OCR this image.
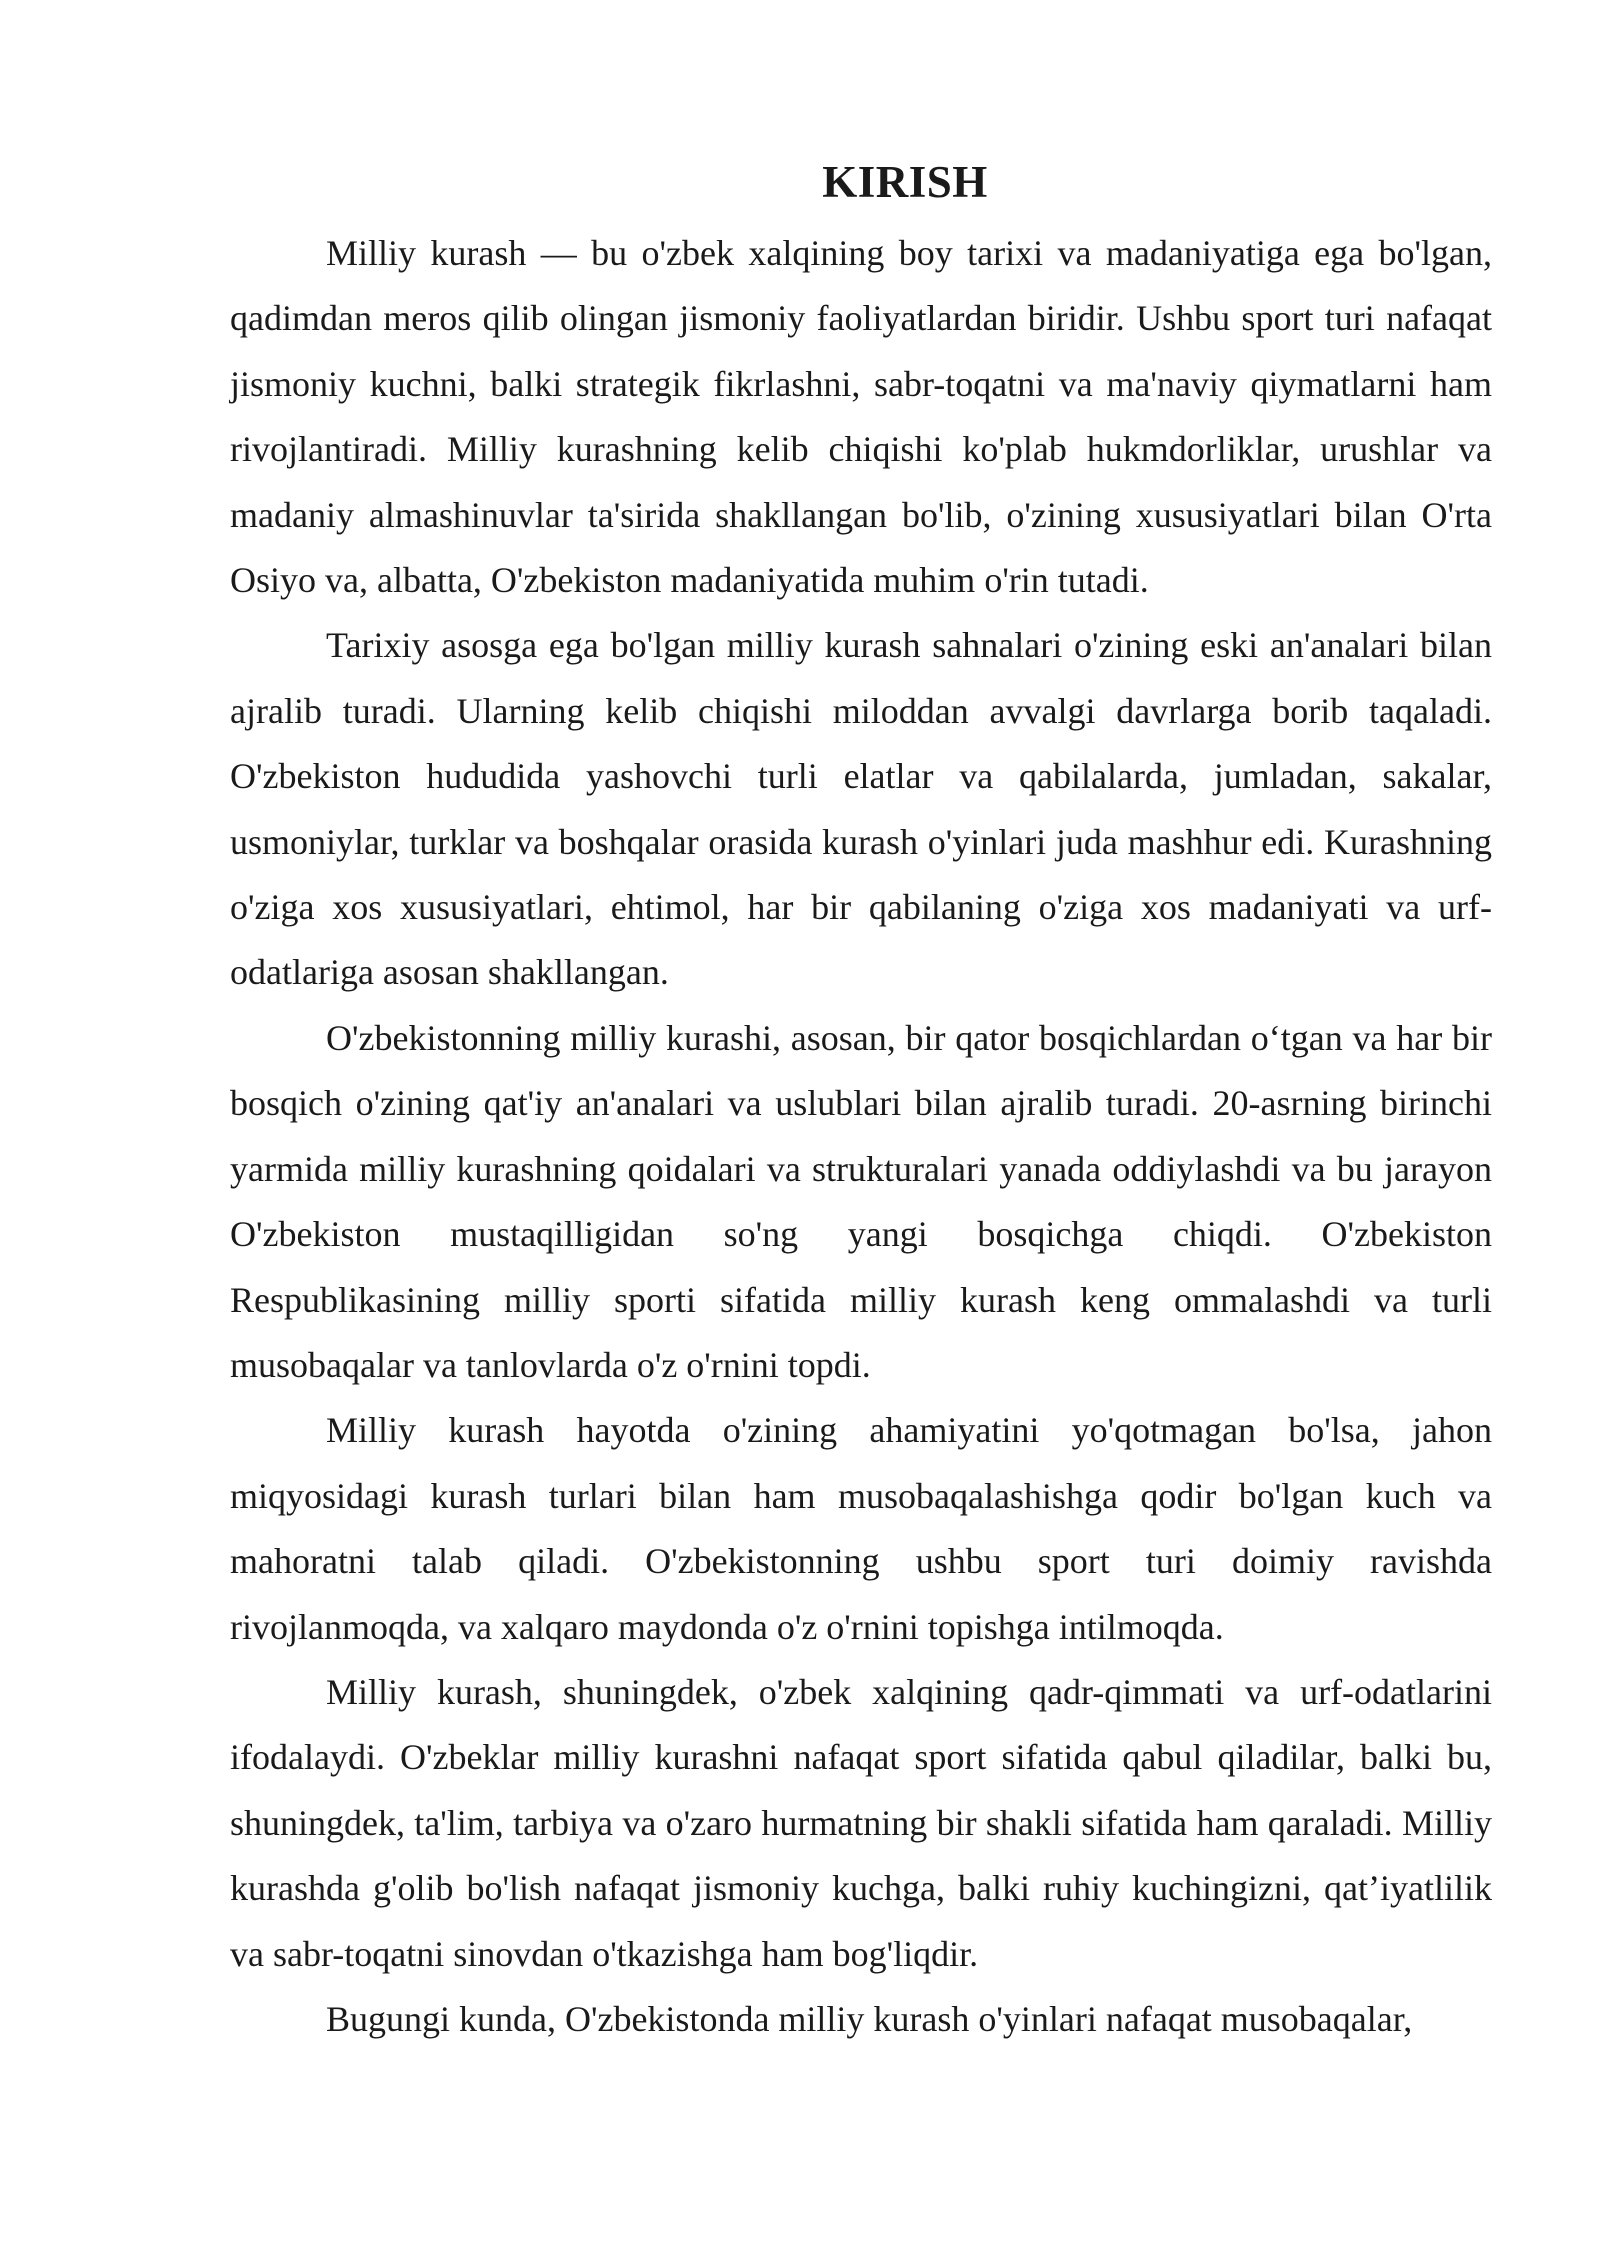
KIRISH

Milliy kurash — bu o'zbek xalqining boy tarixi va madaniyatiga ega bo'lgan, qadimdan meros qilib olingan jismoniy faoliyatlardan biridir. Ushbu sport turi nafaqat jismoniy kuchni, balki strategik fikrlashni, sabr-toqatni va ma'naviy qiymatlarni ham rivojlantiradi. Milliy kurashning kelib chiqishi ko'plab hukmdorliklar, urushlar va madaniy almashinuvlar ta'sirida shakllangan bo'lib, o'zining xususiyatlari bilan O'rta Osiyo va, albatta, O'zbekiston madaniyatida muhim o'rin tutadi.

Tarixiy asosga ega bo'lgan milliy kurash sahnalari o'zining eski an'analari bilan ajralib turadi. Ularning kelib chiqishi miloddan avvalgi davrlarga borib taqaladi. O'zbekiston hududida yashovchi turli elatlar va qabilalarda, jumladan, sakalar, usmoniylar, turklar va boshqalar orasida kurash o'yinlari juda mashhur edi. Kurashning o'ziga xos xususiyatlari, ehtimol, har bir qabilaning o'ziga xos madaniyati va urf-odatlariga asosan shakllangan.

O'zbekistonning milliy kurashi, asosan, bir qator bosqichlardan o‘tgan va har bir bosqich o'zining qat'iy an'analari va uslublari bilan ajralib turadi. 20-asrning birinchi yarmida milliy kurashning qoidalari va strukturalari yanada oddiylashdi va bu jarayon O'zbekiston mustaqilligidan so'ng yangi bosqichga chiqdi. O'zbekiston Respublikasining milliy sporti sifatida milliy kurash keng ommalashdi va turli musobaqalar va tanlovlarda o'z o'rnini topdi.

Milliy kurash hayotda o'zining ahamiyatini yo'qotmagan bo'lsa, jahon miqyosidagi kurash turlari bilan ham musobaqalashishga qodir bo'lgan kuch va mahoratni talab qiladi. O'zbekistonning ushbu sport turi doimiy ravishda rivojlanmoqda, va xalqaro maydonda o'z o'rnini topishga intilmoqda.

Milliy kurash, shuningdek, o'zbek xalqining qadr-qimmati va urf-odatlarini ifodalaydi. O'zbeklar milliy kurashni nafaqat sport sifatida qabul qiladilar, balki bu, shuningdek, ta'lim, tarbiya va o'zaro hurmatning bir shakli sifatida ham qaraladi. Milliy kurashda g'olib bo'lish nafaqat jismoniy kuchga, balki ruhiy kuchingizni, qat’iyatlilik va sabr-toqatni sinovdan o'tkazishga ham bog'liqdir.

Bugungi kunda, O'zbekistonda milliy kurash o'yinlari nafaqat musobaqalar,
